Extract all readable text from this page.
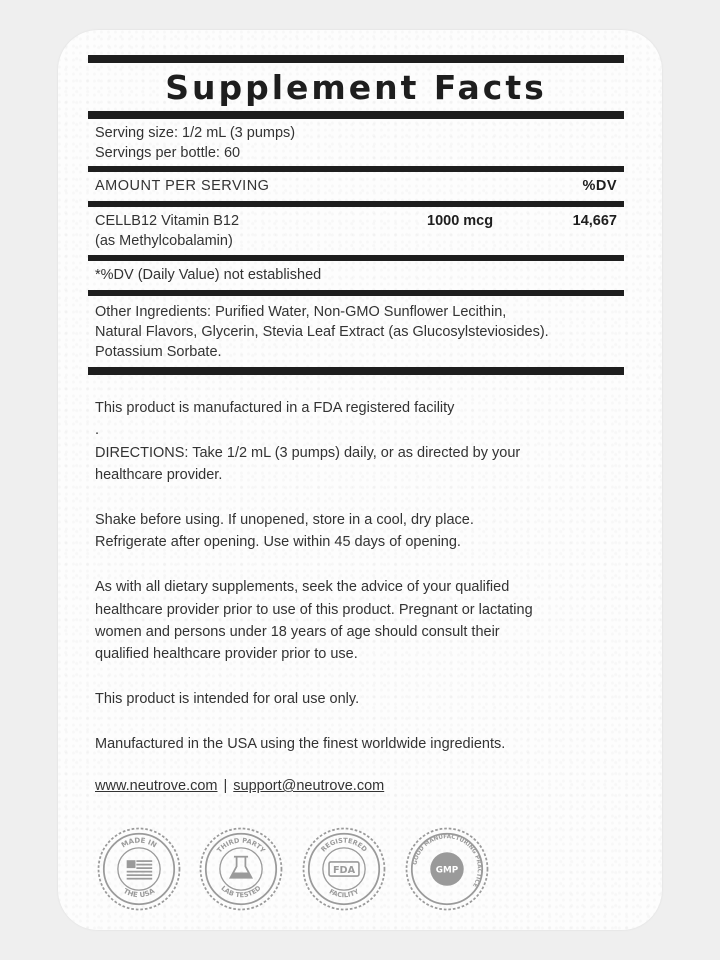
Supplement Facts
Serving size: 1/2 mL (3 pumps)
Servings per bottle: 60
AMOUNT PER SERVING	%DV
CELLB12 Vitamin B12
(as Methylcobalamin)
1000 mcg	14,667
*%DV (Daily Value) not established
Other Ingredients: Purified Water, Non-GMO Sunflower Lecithin,
Natural Flavors, Glycerin, Stevia Leaf Extract (as Glucosylsteviosides).
Potassium Sorbate.

This product is manufactured in a FDA registered facility

.

DIRECTIONS: Take 1/2 mL (3 pumps) daily, or as directed by your

healthcare provider.

Shake before using. If unopened, store in a cool, dry place.

Refrigerate after opening. Use within 45 days of opening.

As with all dietary supplements, seek the advice of your qualified

healthcare provider prior to use of this product. Pregnant or lactating

women and persons under 18 years of age should consult their

qualified healthcare provider prior to use.

This product is intended for oral use only.

Manufactured in the USA using the finest worldwide ingredients.

www.neutrove.com | support@neutrove.com
MADE IN
THE USA
THIRD PARTY
LAB TESTED
REGISTERED
FACILITY
FDA
GOOD MANUFACTURING PRACTICE
GMP
